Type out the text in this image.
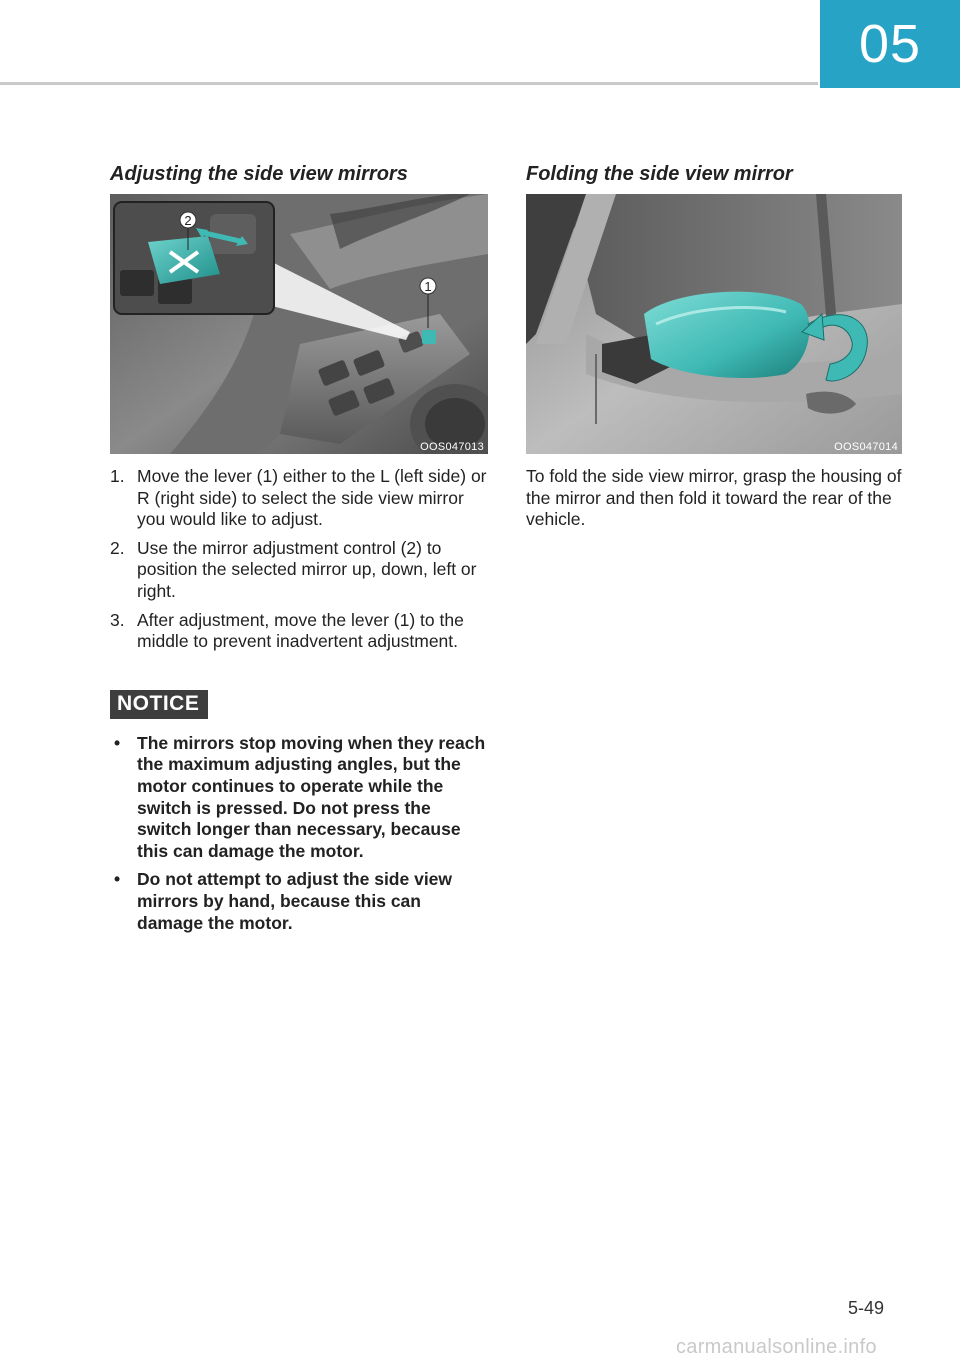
05
Adjusting the side view mirrors
2
1
OOS047013
1. Move the lever (1) either to the L (left side) or R (right side) to select the side view mirror you would like to adjust.
2. Use the mirror adjustment control (2) to position the selected mirror up, down, left or right.
3. After adjustment, move the lever (1) to the middle to prevent inadvertent adjustment.
NOTICE
• The mirrors stop moving when they reach the maximum adjusting angles, but the motor continues to operate while the switch is pressed. Do not press the switch longer than necessary, because this can damage the motor.
• Do not attempt to adjust the side view mirrors by hand, because this can damage the motor.
Folding the side view mirror
OOS047014

To fold the side view mirror, grasp the housing of the mirror and then fold it toward the rear of the vehicle.

5-49
carmanualsonline.info
